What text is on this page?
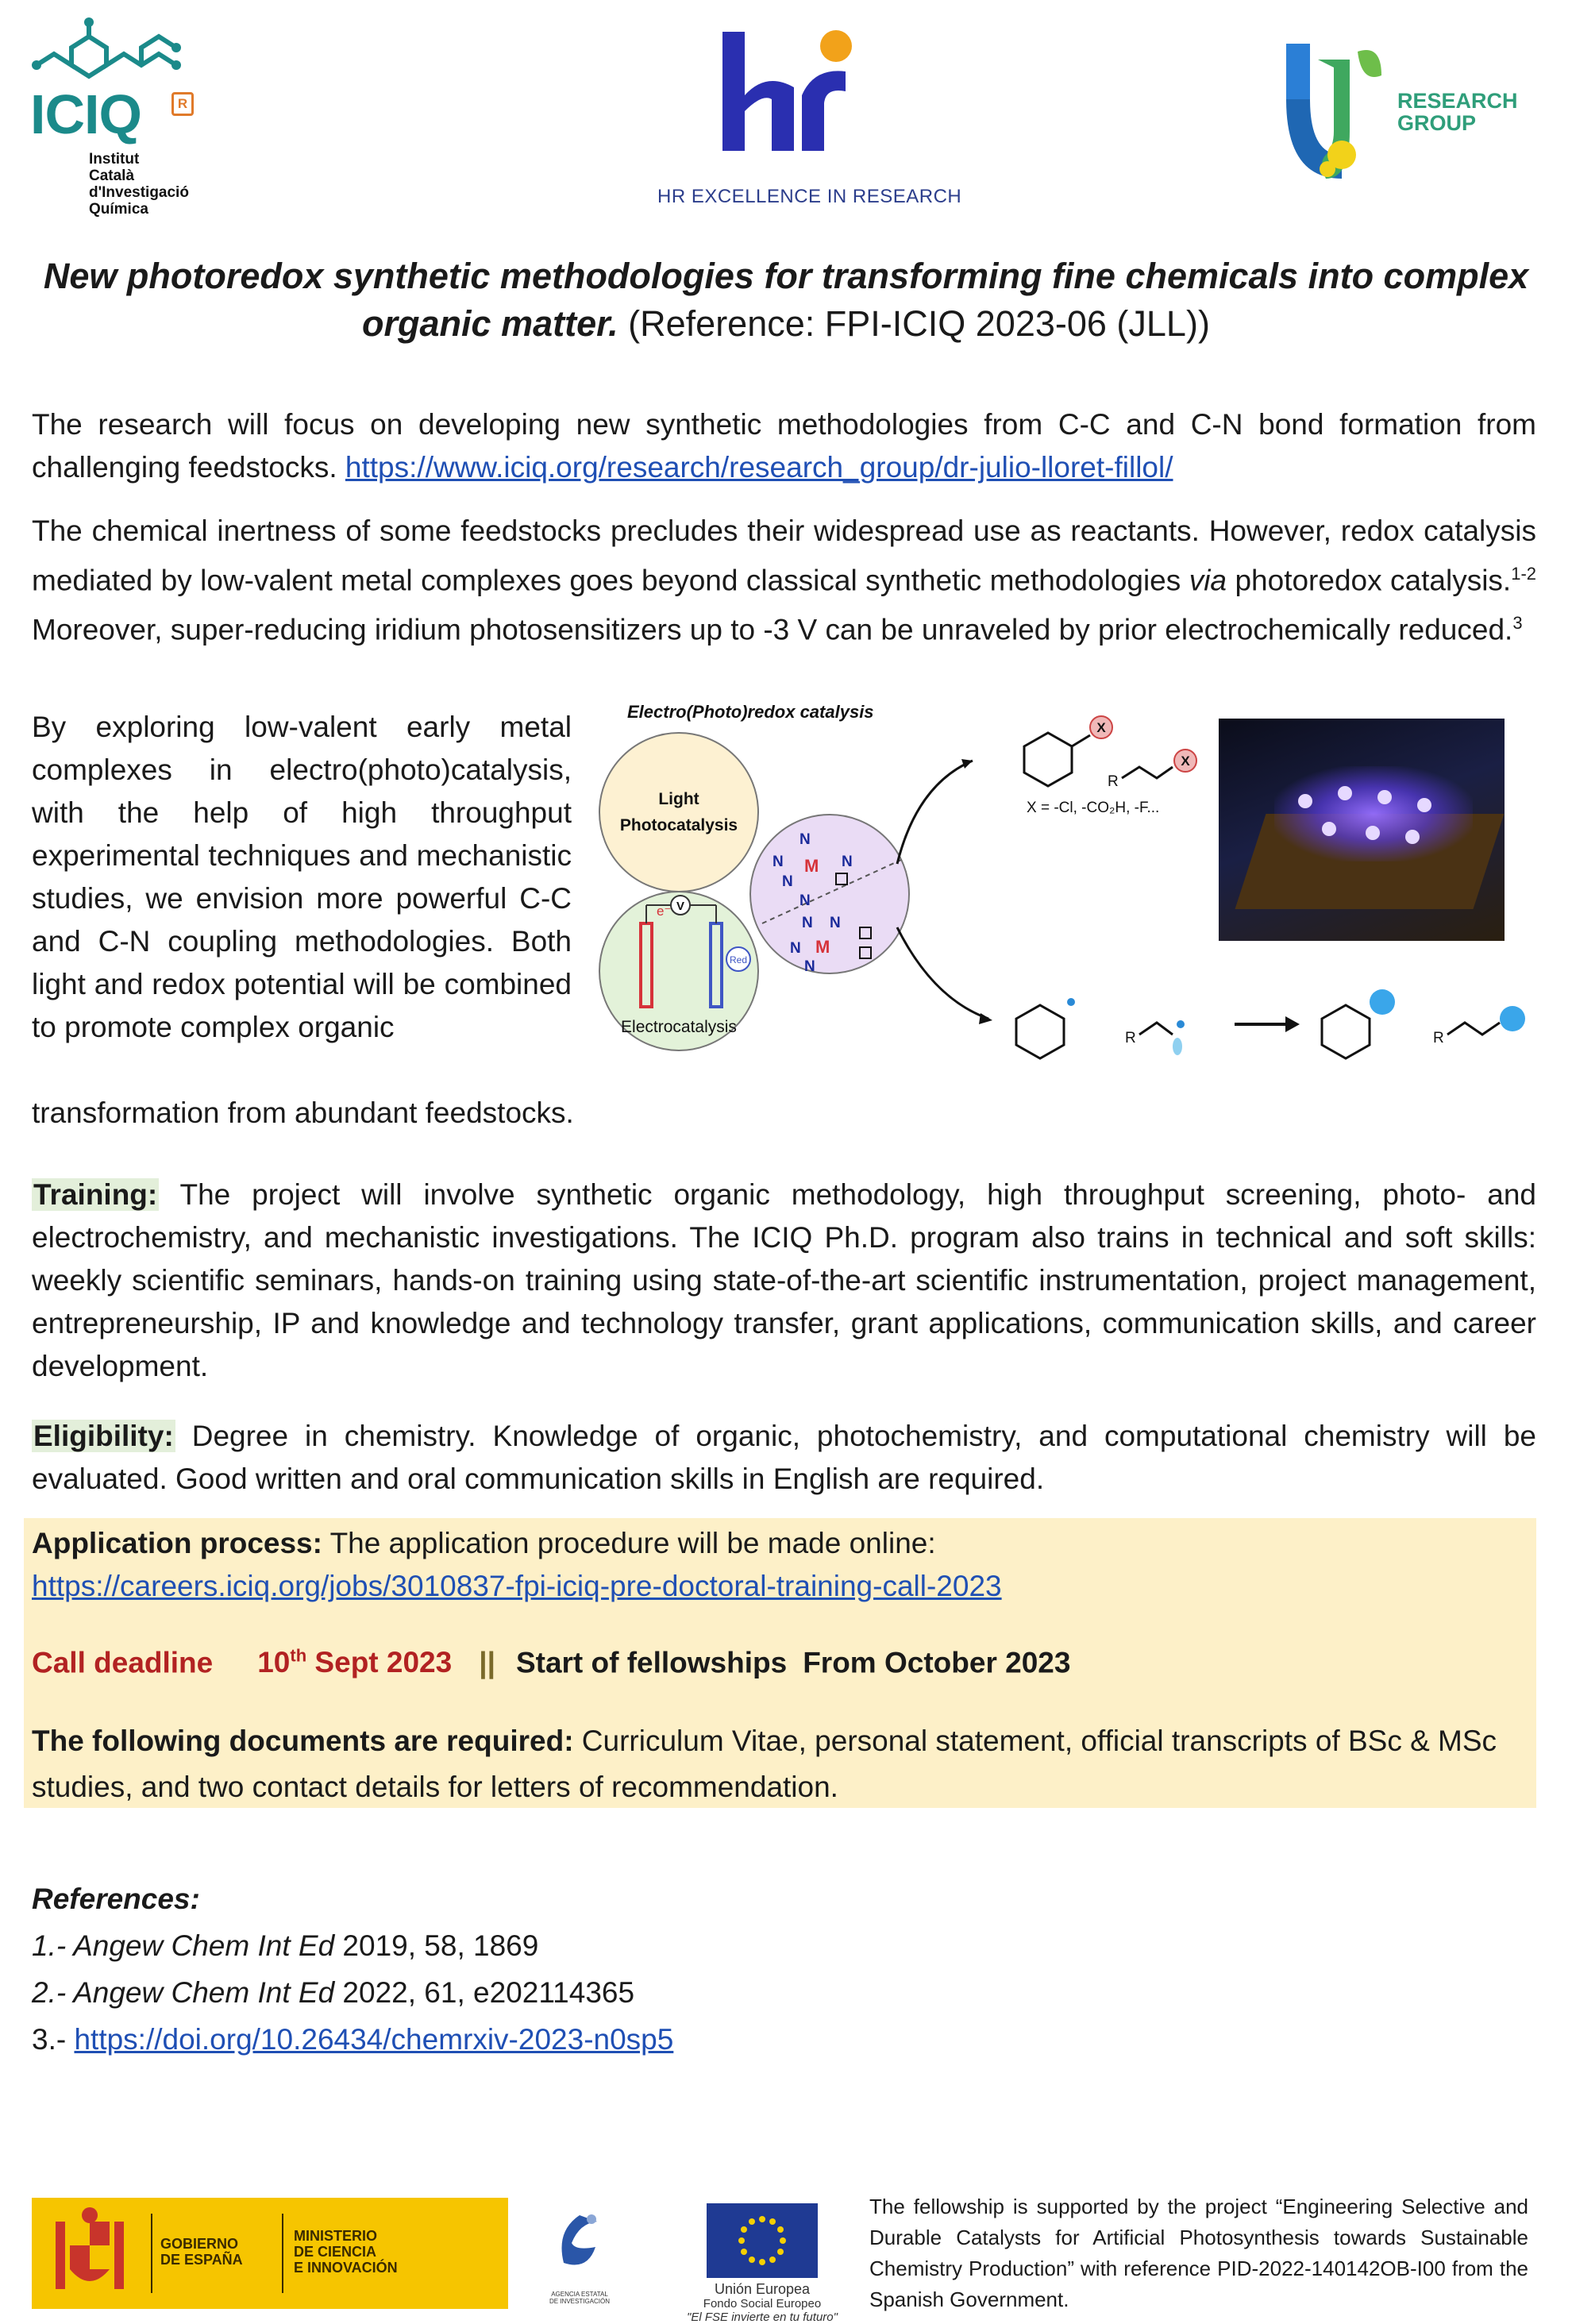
ICIQ	R
Institut
Català
d'Investigació
Química
HR EXCELLENCE IN RESEARCH
RESEARCH
GROUP
New photoredox synthetic methodologies for transforming fine chemicals into complex organic matter. (Reference: FPI-ICIQ 2023-06 (JLL))

The research will focus on developing new synthetic methodologies from C-C and C-N bond formation from challenging feedstocks. https://www.iciq.org/research/research_group/dr-julio-lloret-fillol/

The chemical inertness of some feedstocks precludes their widespread use as reactants. However, redox catalysis mediated by low-valent metal complexes goes beyond classical synthetic methodologies via photoredox catalysis.$^{1-2}$ Moreover, super-reducing iridium photosensitizers up to -3 V can be unraveled by prior electrochemically reduced.$^3$

By exploring low-valent early metal complexes in electro(photo)catalysis, with the help of high throughput experimental techniques and mechanistic studies, we envision more powerful C-C and C-N coupling methodologies. Both light and redox potential will be combined to promote complex organic

transformation from abundant feedstocks.

Electro(Photo)redox catalysis
Light
Photocatalysis
V
e⁻
Red
Electrocatalysis
N
N	N
N
N
N N
N
N
M
M
X
R
X
X = -Cl, -CO₂H, -F...
R	R

Training: The project will involve synthetic organic methodology, high throughput screening, photo- and electrochemistry, and mechanistic investigations. The ICIQ Ph.D. program also trains in technical and soft skills: weekly scientific seminars, hands-on training using state-of-the-art scientific instrumentation, project management, entrepreneurship, IP and knowledge and technology transfer, grant applications, communication skills, and career development.

Eligibility: Degree in chemistry. Knowledge of organic, photochemistry, and computational chemistry will be evaluated. Good written and oral communication skills in English are required.

Application process: The application procedure will be made online:
https://careers.iciq.org/jobs/3010837-fpi-iciq-pre-doctoral-training-call-2023

Call deadline 10th Sept 2023 || Start of fellowships From October 2023

The following documents are required: Curriculum Vitae, personal statement, official transcripts of BSc & MSc studies, and two contact details for letters of recommendation.

References:
1.- Angew Chem Int Ed 2019, 58, 1869
2.- Angew Chem Int Ed 2022, 61, e202114365
3.- https://doi.org/10.26434/chemrxiv-2023-n0sp5
GOBIERNO
DE ESPAÑA
MINISTERIO
DE CIENCIA
E INNOVACIÓN
AGENCIA ESTATAL DE INVESTIGACIÓN
Unión Europea
Fondo Social Europeo
"El FSE invierte en tu futuro"

The fellowship is supported by the project “Engineering Selective and Durable Catalysts for Artificial Photosynthesis towards Sustainable Chemistry Production” with reference PID-2022-140142OB-I00 from the Spanish Government.
